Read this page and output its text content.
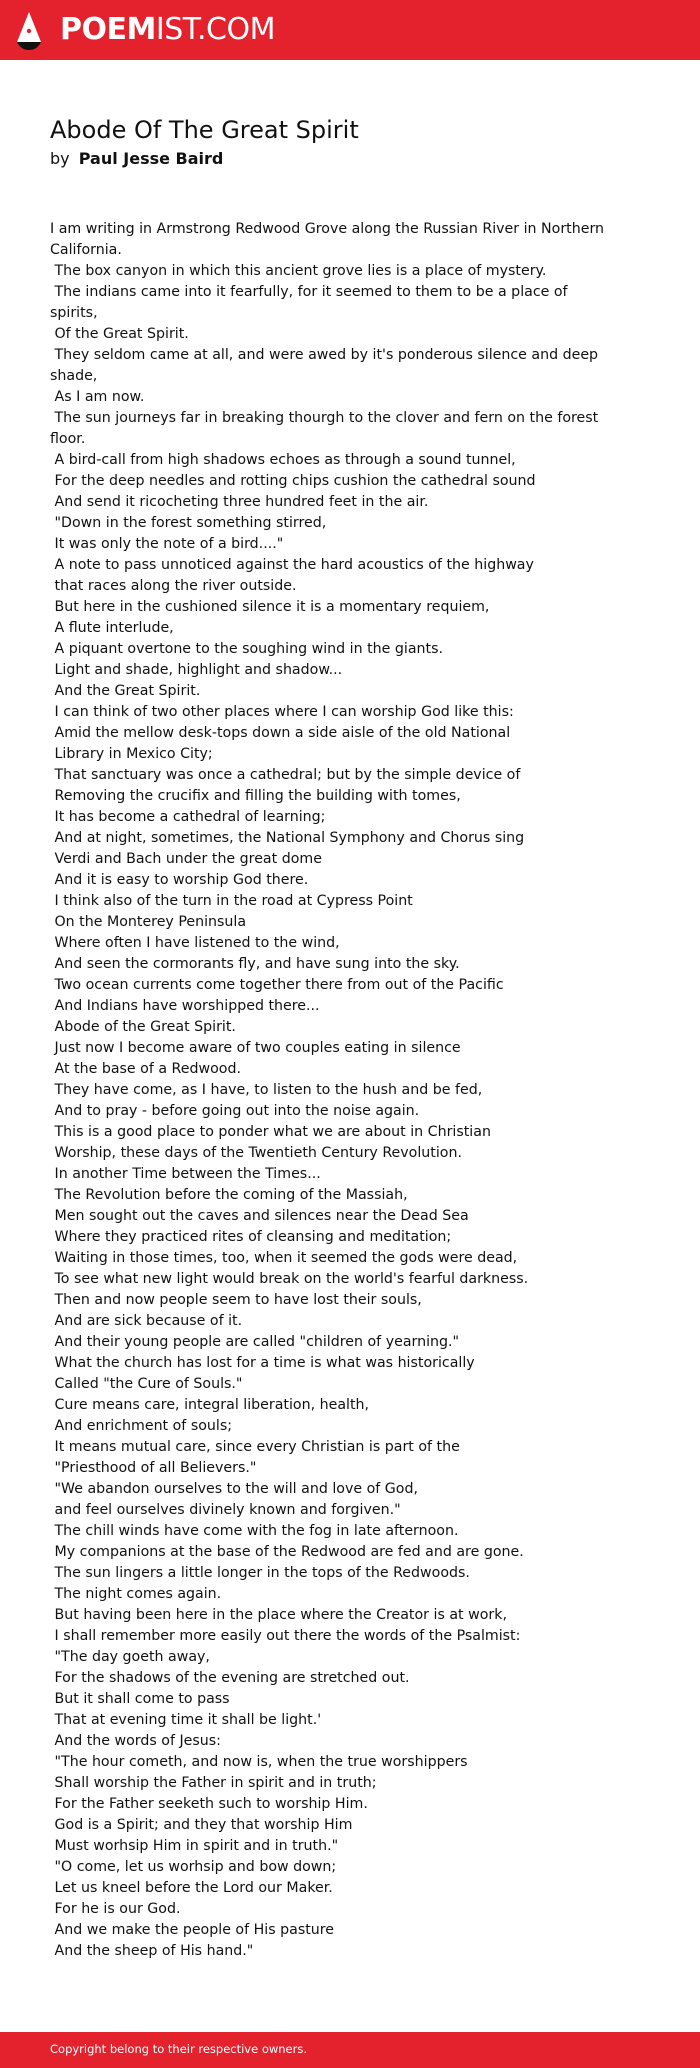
POEMIST.COM
Abode Of The Great Spirit
by Paul Jesse Baird
I am writing in Armstrong Redwood Grove along the Russian River in Northern California.
The box canyon in which this ancient grove lies is a place of mystery.
The indians came into it fearfully, for it seemed to them to be a place of spirits,
Of the Great Spirit.
They seldom came at all, and were awed by it's ponderous silence and deep shade,
As I am now.
The sun journeys far in breaking thourgh to the clover and fern on the forest floor.
A bird-call from high shadows echoes as through a sound tunnel,
For the deep needles and rotting chips cushion the cathedral sound
And send it ricocheting three hundred feet in the air.
"Down in the forest something stirred,
It was only the note of a bird...."
A note to pass unnoticed against the hard acoustics of the highway
that races along the river outside.
But here in the cushioned silence it is a momentary requiem,
A flute interlude,
A piquant overtone to the soughing wind in the giants.
Light and shade, highlight and shadow...
And the Great Spirit.
I can think of two other places where I can worship God like this:
Amid the mellow desk-tops down a side aisle of the old National
Library in Mexico City;
That sanctuary was once a cathedral; but by the simple device of
Removing the crucifix and filling the building with tomes,
It has become a cathedral of learning;
And at night, sometimes, the National Symphony and Chorus sing
Verdi and Bach under the great dome
And it is easy to worship God there.
I think also of the turn in the road at Cypress Point
On the Monterey Peninsula
Where often I have listened to the wind,
And seen the cormorants fly, and have sung into the sky.
Two ocean currents come together there from out of the Pacific
And Indians have worshipped there...
Abode of the Great Spirit.
Just now I become aware of two couples eating in silence
At the base of a Redwood.
They have come, as I have, to listen to the hush and be fed,
And to pray - before going out into the noise again.
This is a good place to ponder what we are about in Christian
Worship, these days of the Twentieth Century Revolution.
In another Time between the Times...
The Revolution before the coming of the Massiah,
Men sought out the caves and silences near the Dead Sea
Where they practiced rites of cleansing and meditation;
Waiting in those times, too, when it seemed the gods were dead,
To see what new light would break on the world's fearful darkness.
Then and now people seem to have lost their souls,
And are sick because of it.
And their young people are called "children of yearning."
What the church has lost for a time is what was historically
Called "the Cure of Souls."
Cure means care, integral liberation, health,
And enrichment of souls;
It means mutual care, since every Christian is part of the
"Priesthood of all Believers."
"We abandon ourselves to the will and love of God,
and feel ourselves divinely known and forgiven."
The chill winds have come with the fog in late afternoon.
My companions at the base of the Redwood are fed and are gone.
The sun lingers a little longer in the tops of the Redwoods.
The night comes again.
But having been here in the place where the Creator is at work,
I shall remember more easily out there the words of the Psalmist:
"The day goeth away,
For the shadows of the evening are stretched out.
But it shall come to pass
That at evening time it shall be light.'
And the words of Jesus:
"The hour cometh, and now is, when the true worshippers
Shall worship the Father in spirit and in truth;
For the Father seeketh such to worship Him.
God is a Spirit; and they that worship Him
Must worhsip Him in spirit and in truth."
"O come, let us worhsip and bow down;
Let us kneel before the Lord our Maker.
For he is our God.
And we make the people of His pasture
And the sheep of His hand."
Copyright belong to their respective owners.
